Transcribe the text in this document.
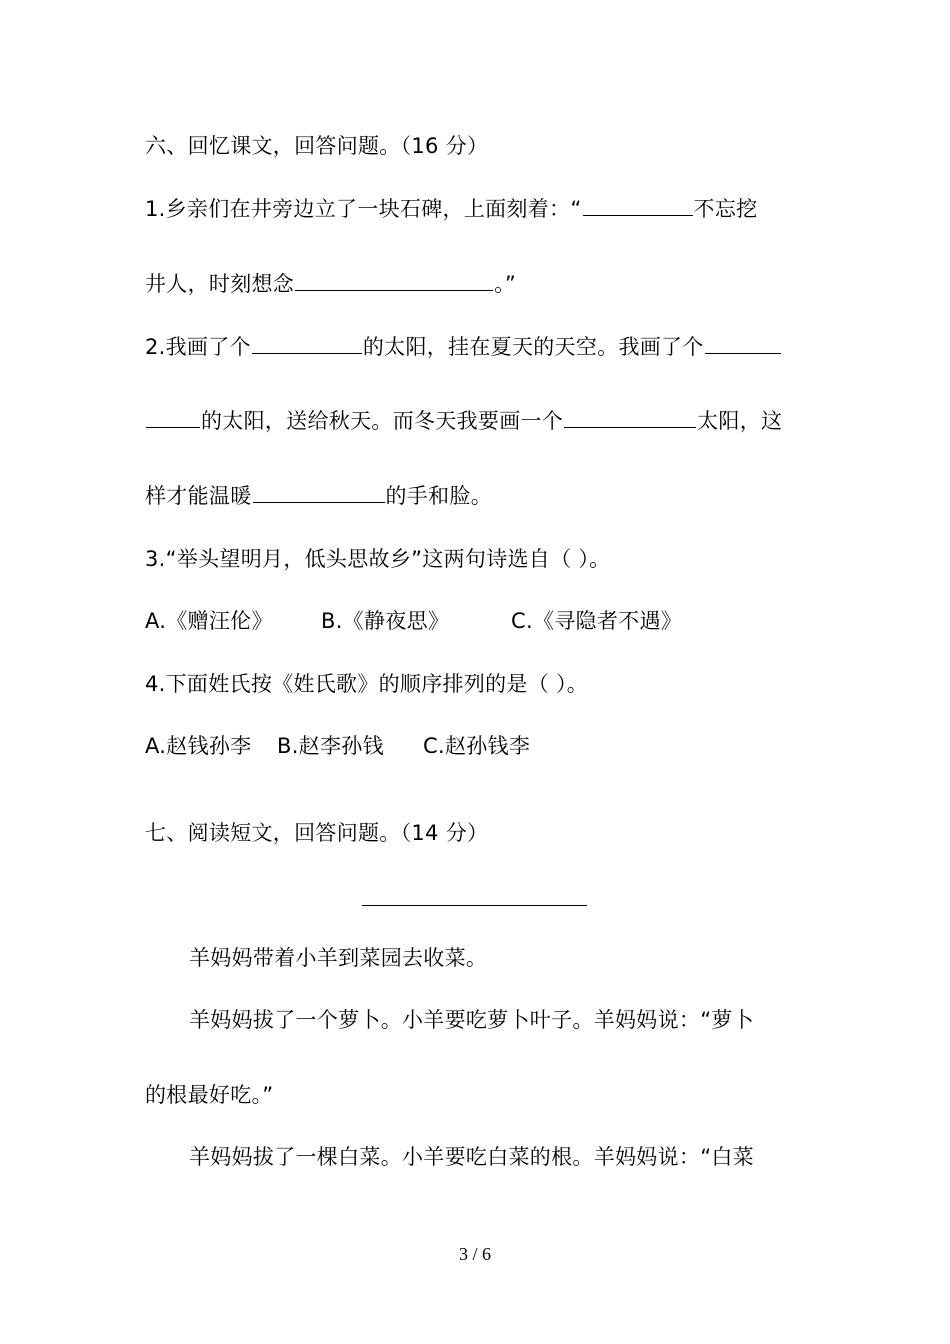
六、回忆课文，回答问题。（16 分）
1.乡亲们在井旁边立了一块石碑，上面刻着：“	不忘挖
井人，时刻想念	。”
2.我画了个	的太阳，挂在夏天的天空。我画了个
的太阳，送给秋天。而冬天我要画一个	太阳，这
样才能温暖	的手和脸。
3.“举头望明月，低头思故乡”这两句诗选自（ ）。
A.《赠汪伦》 B.《静夜思》	C.《寻隐者不遇》
4.下面姓氏按《姓氏歌》的顺序排列的是（ ）。
A.赵钱孙李 B.赵李孙钱 C.赵孙钱李
七、阅读短文，回答问题。（14 分）
羊妈妈带着小羊到菜园去收菜。
羊妈妈拔了一个萝卜。小羊要吃萝卜叶子。羊妈妈说：“萝卜
的根最好吃。”
羊妈妈拔了一棵白菜。小羊要吃白菜的根。羊妈妈说：“白菜
3 / 6
